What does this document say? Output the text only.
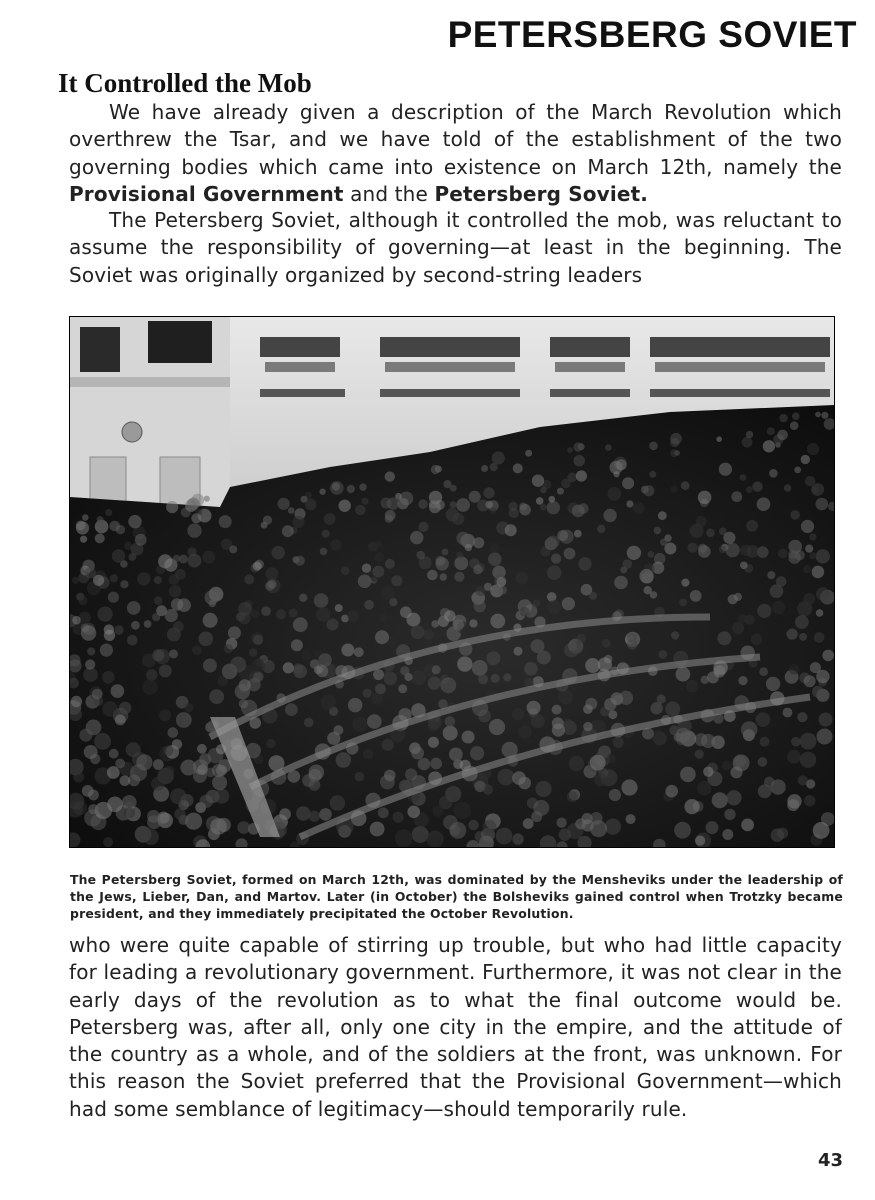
PETERSBERG SOVIET
It Controlled the Mob

We have already given a description of the March Revolution which overthrew the Tsar, and we have told of the establishment of the two governing bodies which came into existence on March 12th, namely the Provisional Government and the Petersberg Soviet.

The Petersberg Soviet, although it controlled the mob, was reluctant to assume the responsibility of governing—at least in the beginning. The Soviet was originally organized by second-string leaders

The Petersberg Soviet, formed on March 12th, was dominated by the Mensheviks under the leadership of the Jews, Lieber, Dan, and Martov. Later (in October) the Bolsheviks gained control when Trotzky became president, and they immediately precipitated the October Revolution.

who were quite capable of stirring up trouble, but who had little capacity for leading a revolutionary government. Furthermore, it was not clear in the early days of the revolution as to what the final outcome would be. Petersberg was, after all, only one city in the empire, and the attitude of the country as a whole, and of the soldiers at the front, was unknown. For this reason the Soviet preferred that the Provisional Government—which had some semblance of legitimacy—should temporarily rule.

43
